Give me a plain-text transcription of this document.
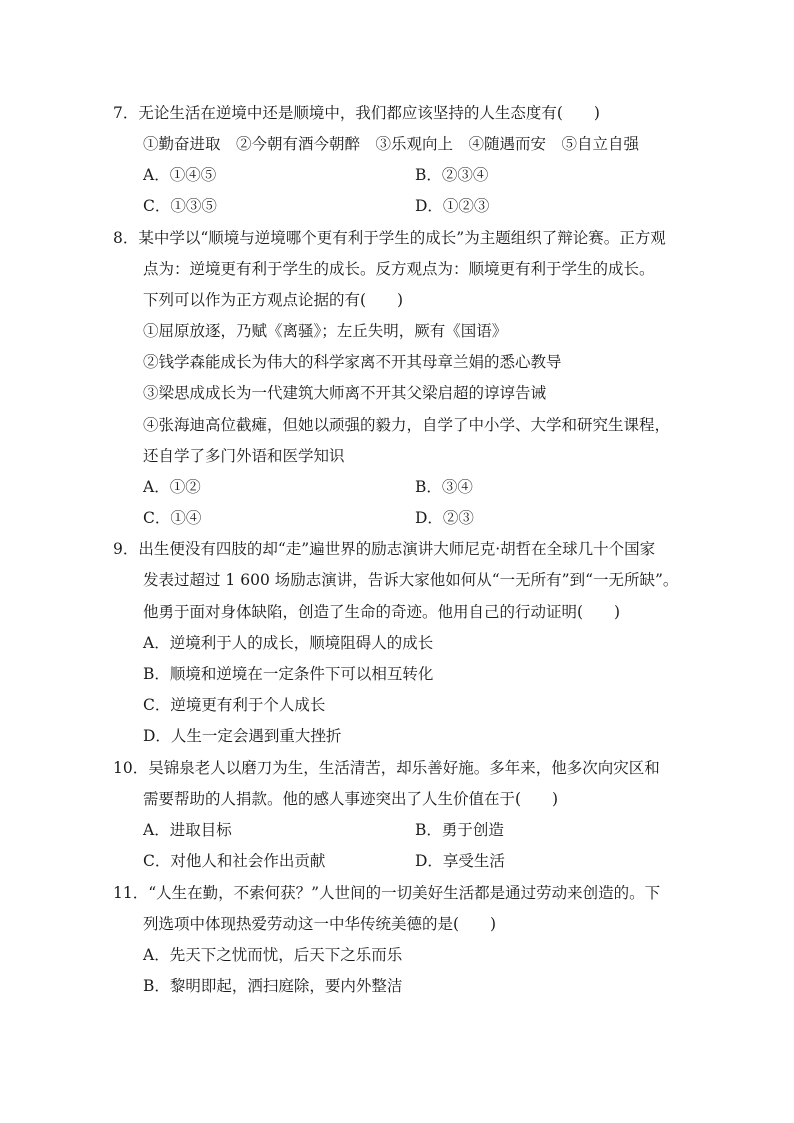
7．无论生活在逆境中还是顺境中，我们都应该坚持的人生态度有(　　)
①勤奋进取　②今朝有酒今朝醉　③乐观向上　④随遇而安　⑤自立自强
A．①④⑤	B．②③④
C．①③⑤	D．①②③
8．某中学以“顺境与逆境哪个更有利于学生的成长”为主题组织了辩论赛。正方观
点为：逆境更有利于学生的成长。反方观点为：顺境更有利于学生的成长。
下列可以作为正方观点论据的有(　　)
①屈原放逐，乃赋《离骚》；左丘失明，厥有《国语》
②钱学森能成长为伟大的科学家离不开其母章兰娟的悉心教导
③梁思成成长为一代建筑大师离不开其父梁启超的谆谆告诫
④张海迪高位截瘫，但她以顽强的毅力，自学了中小学、大学和研究生课程，
还自学了多门外语和医学知识
A．①②	B．③④
C．①④	D．②③
9．出生便没有四肢的却“走”遍世界的励志演讲大师尼克·胡哲在全球几十个国家
发表过超过 1 600 场励志演讲，告诉大家他如何从“一无所有”到“一无所缺”。
他勇于面对身体缺陷，创造了生命的奇迹。他用自己的行动证明(　　)
A．逆境利于人的成长，顺境阻碍人的成长
B．顺境和逆境在一定条件下可以相互转化
C．逆境更有利于个人成长
D．人生一定会遇到重大挫折
10．吴锦泉老人以磨刀为生，生活清苦，却乐善好施。多年来，他多次向灾区和
需要帮助的人捐款。他的感人事迹突出了人生价值在于(　　)
A．进取目标	B．勇于创造
C．对他人和社会作出贡献	D．享受生活
11．“人生在勤，不索何获？”人世间的一切美好生活都是通过劳动来创造的。下
列选项中体现热爱劳动这一中华传统美德的是(　　)
A．先天下之忧而忧，后天下之乐而乐
B．黎明即起，洒扫庭除，要内外整洁
